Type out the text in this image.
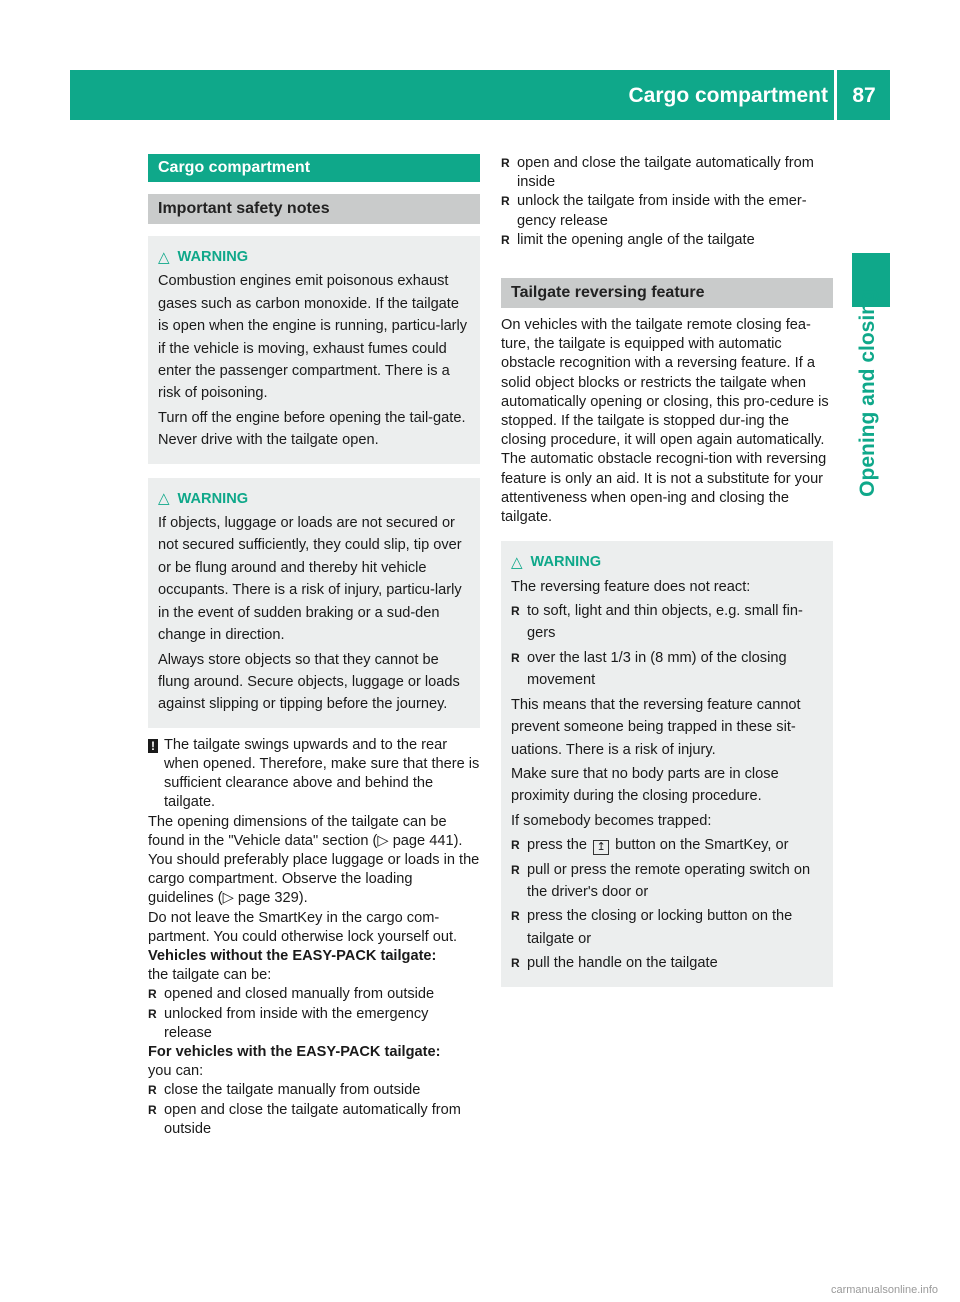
Cargo compartment	87
Opening and closing
Cargo compartment
Important safety notes
△ WARNING

Combustion engines emit poisonous exhaust gases such as carbon monoxide. If the tailgate is open when the engine is running, particu-larly if the vehicle is moving, exhaust fumes could enter the passenger compartment. There is a risk of poisoning.

Turn off the engine before opening the tail-gate. Never drive with the tailgate open.

△ WARNING

If objects, luggage or loads are not secured or not secured sufficiently, they could slip, tip over or be flung around and thereby hit vehicle occupants. There is a risk of injury, particu-larly in the event of sudden braking or a sud-den change in direction.

Always store objects so that they cannot be flung around. Secure objects, luggage or loads against slipping or tipping before the journey.

! The tailgate swings upwards and to the rear when opened. Therefore, make sure that there is sufficient clearance above and behind the tailgate.

The opening dimensions of the tailgate can be found in the "Vehicle data" section (▷ page 441).

You should preferably place luggage or loads in the cargo compartment. Observe the loading guidelines (▷ page 329).

Do not leave the SmartKey in the cargo com-partment. You could otherwise lock yourself out.

Vehicles without the EASY-PACK tailgate:

the tailgate can be:

R opened and closed manually from outside
R unlocked from inside with the emergency release

For vehicles with the EASY-PACK tailgate:

you can:

R close the tailgate manually from outside
R open and close the tailgate automatically from outside
R open and close the tailgate automatically from inside
R unlock the tailgate from inside with the emer-gency release
R limit the opening angle of the tailgate
Tailgate reversing feature

On vehicles with the tailgate remote closing fea-ture, the tailgate is equipped with automatic obstacle recognition with a reversing feature. If a solid object blocks or restricts the tailgate when automatically opening or closing, this pro-cedure is stopped. If the tailgate is stopped dur-ing the closing procedure, it will open again automatically. The automatic obstacle recogni-tion with reversing feature is only an aid. It is not a substitute for your attentiveness when open-ing and closing the tailgate.

△ WARNING

The reversing feature does not react:

R to soft, light and thin objects, e.g. small fin-gers
R over the last 1/3 in (8 mm) of the closing movement

This means that the reversing feature cannot prevent someone being trapped in these sit-uations. There is a risk of injury.

Make sure that no body parts are in close proximity during the closing procedure.

If somebody becomes trapped:

R press the ↥ button on the SmartKey, or
R pull or press the remote operating switch on the driver's door or
R press the closing or locking button on the tailgate or
R pull the handle on the tailgate
carmanualsonline.info
